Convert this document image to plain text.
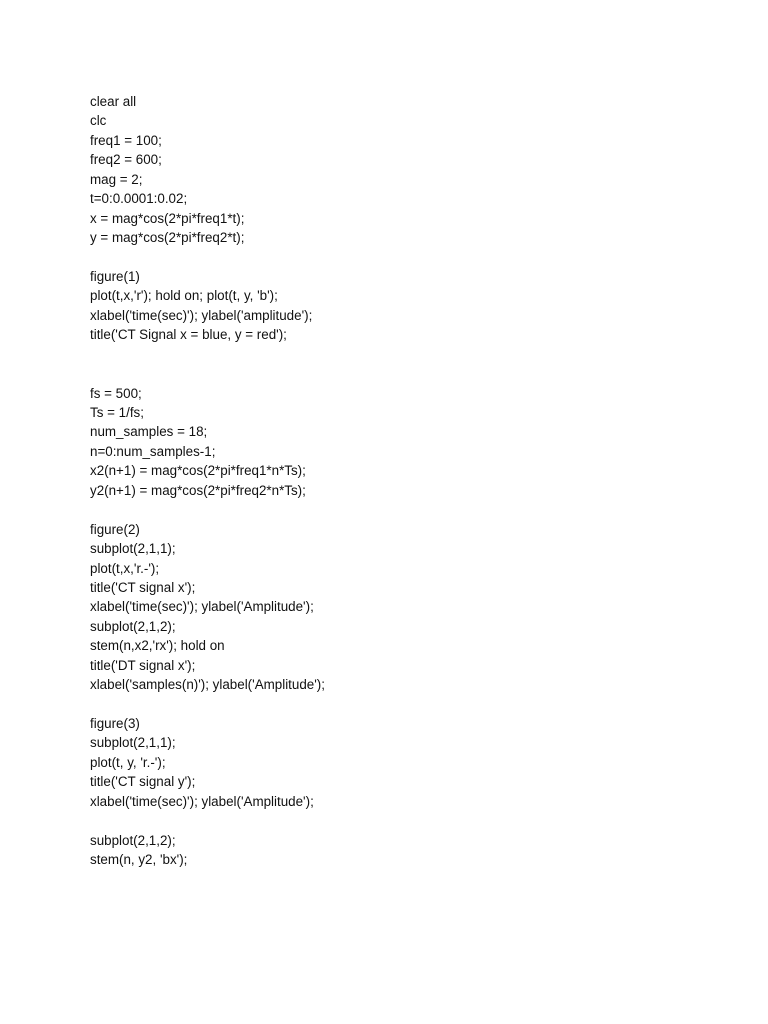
clear all
clc
freq1 = 100;
freq2 = 600;
mag = 2;
t=0:0.0001:0.02;
x = mag*cos(2*pi*freq1*t);
y = mag*cos(2*pi*freq2*t);
figure(1)
plot(t,x,'r'); hold on; plot(t, y, 'b');
xlabel('time(sec)'); ylabel('amplitude');
title('CT Signal x = blue, y = red');
fs = 500;
Ts = 1/fs;
num_samples = 18;
n=0:num_samples-1;
x2(n+1) = mag*cos(2*pi*freq1*n*Ts);
y2(n+1) = mag*cos(2*pi*freq2*n*Ts);
figure(2)
subplot(2,1,1);
plot(t,x,'r.-');
title('CT signal x');
xlabel('time(sec)'); ylabel('Amplitude');
subplot(2,1,2);
stem(n,x2,'rx'); hold on
title('DT signal x');
xlabel('samples(n)'); ylabel('Amplitude');
figure(3)
subplot(2,1,1);
plot(t, y, 'r.-');
title('CT signal y');
xlabel('time(sec)'); ylabel('Amplitude');
subplot(2,1,2);
stem(n, y2, 'bx');
